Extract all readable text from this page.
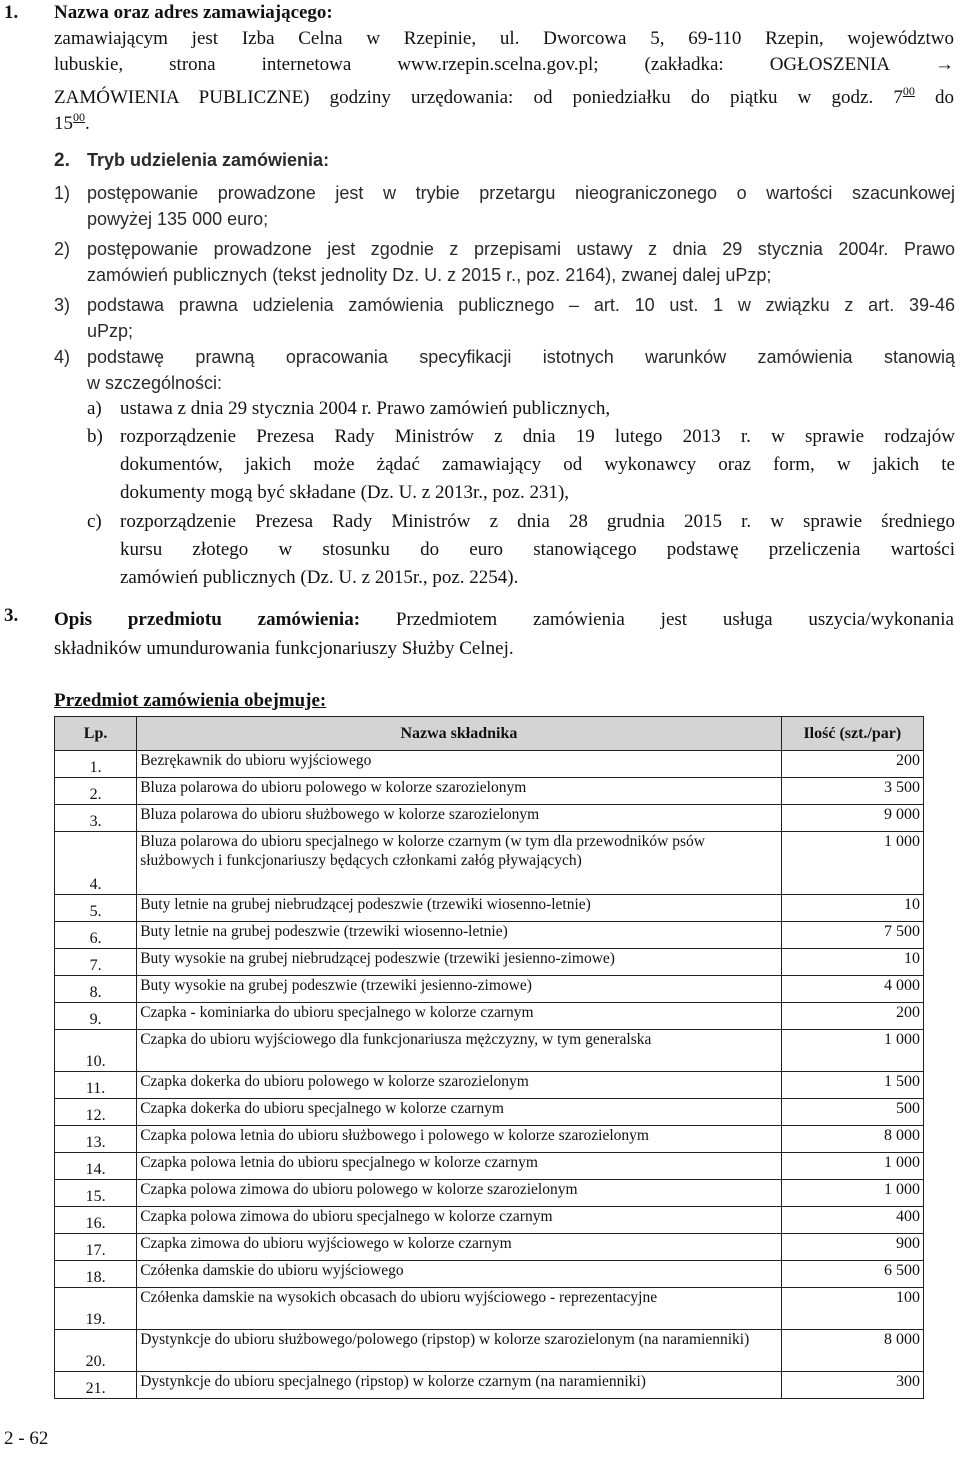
1. Nazwa oraz adres zamawiającego:
zamawiającym jest Izba Celna w Rzepinie, ul. Dworcowa 5, 69-110 Rzepin, województwo
lubuskie, strona internetowa www.rzepin.scelna.gov.pl; (zakładka: OGŁOSZENIA →
ZAMÓWIENIA PUBLICZNE) godziny urzędowania: od poniedziałku do piątku w godz. $7^{00}$ do
$15^{00}$.
2. Tryb udzielenia zamówienia:
1) postępowanie prowadzone jest w trybie przetargu nieograniczonego o wartości szacunkowej
powyżej 135 000 euro;
2) postępowanie prowadzone jest zgodnie z przepisami ustawy z dnia 29 stycznia 2004r. Prawo
zamówień publicznych (tekst jednolity Dz. U. z 2015 r., poz. 2164), zwanej dalej uPzp;
3) podstawa prawna udzielenia zamówienia publicznego – art. 10 ust. 1 w związku z art. 39-46
uPzp;
4) podstawę prawną opracowania specyfikacji istotnych warunków zamówienia stanowią
w szczególności:
a) ustawa z dnia 29 stycznia 2004 r. Prawo zamówień publicznych,
b) rozporządzenie Prezesa Rady Ministrów z dnia 19 lutego 2013 r. w sprawie rodzajów
dokumentów, jakich może żądać zamawiający od wykonawcy oraz form, w jakich te
dokumenty mogą być składane (Dz. U. z 2013r., poz. 231),
c) rozporządzenie Prezesa Rady Ministrów z dnia 28 grudnia 2015 r. w sprawie średniego
kursu złotego w stosunku do euro stanowiącego podstawę przeliczenia wartości
zamówień publicznych (Dz. U. z 2015r., poz. 2254).
3. Opis przedmiotu zamówienia: Przedmiotem zamówienia jest usługa uszycia/wykonania
składników umundurowania funkcjonariuszy Służby Celnej.
Przedmiot zamówienia obejmuje:
Lp.	Nazwa składnika	Ilość (szt./par)
1.	Bezrękawnik do ubioru wyjściowego	200
2.	Bluza polarowa do ubioru polowego w kolorze szarozielonym	3 500
3.	Bluza polarowa do ubioru służbowego w kolorze szarozielonym	9 000
4.	Bluza polarowa do ubioru specjalnego w kolorze czarnym (w tym dla przewodników psów służbowych i funkcjonariuszy będących członkami załóg pływających)	1 000
5.	Buty letnie na grubej niebrudzącej podeszwie (trzewiki wiosenno-letnie)	10
6.	Buty letnie na grubej podeszwie (trzewiki wiosenno-letnie)	7 500
7.	Buty wysokie na grubej niebrudzącej podeszwie (trzewiki jesienno-zimowe)	10
8.	Buty wysokie na grubej podeszwie (trzewiki jesienno-zimowe)	4 000
9.	Czapka - kominiarka do ubioru specjalnego w kolorze czarnym	200
10.	Czapka do ubioru wyjściowego dla funkcjonariusza mężczyzny, w tym generalska	1 000
11.	Czapka dokerka do ubioru polowego w kolorze szarozielonym	1 500
12.	Czapka dokerka do ubioru specjalnego w kolorze czarnym	500
13.	Czapka polowa letnia do ubioru służbowego i polowego w kolorze szarozielonym	8 000
14.	Czapka polowa letnia do ubioru specjalnego w kolorze czarnym	1 000
15.	Czapka polowa zimowa do ubioru polowego w kolorze szarozielonym	1 000
16.	Czapka polowa zimowa do ubioru specjalnego w kolorze czarnym	400
17.	Czapka zimowa do ubioru wyjściowego w kolorze czarnym	900
18.	Czółenka damskie do ubioru wyjściowego	6 500
19.	Czółenka damskie na wysokich obcasach do ubioru wyjściowego - reprezentacyjne	100
20.	Dystynkcje do ubioru służbowego/polowego (ripstop) w kolorze szarozielonym (na naramienniki)	8 000
21.	Dystynkcje do ubioru specjalnego (ripstop) w kolorze czarnym (na naramienniki)	300
2 - 62
